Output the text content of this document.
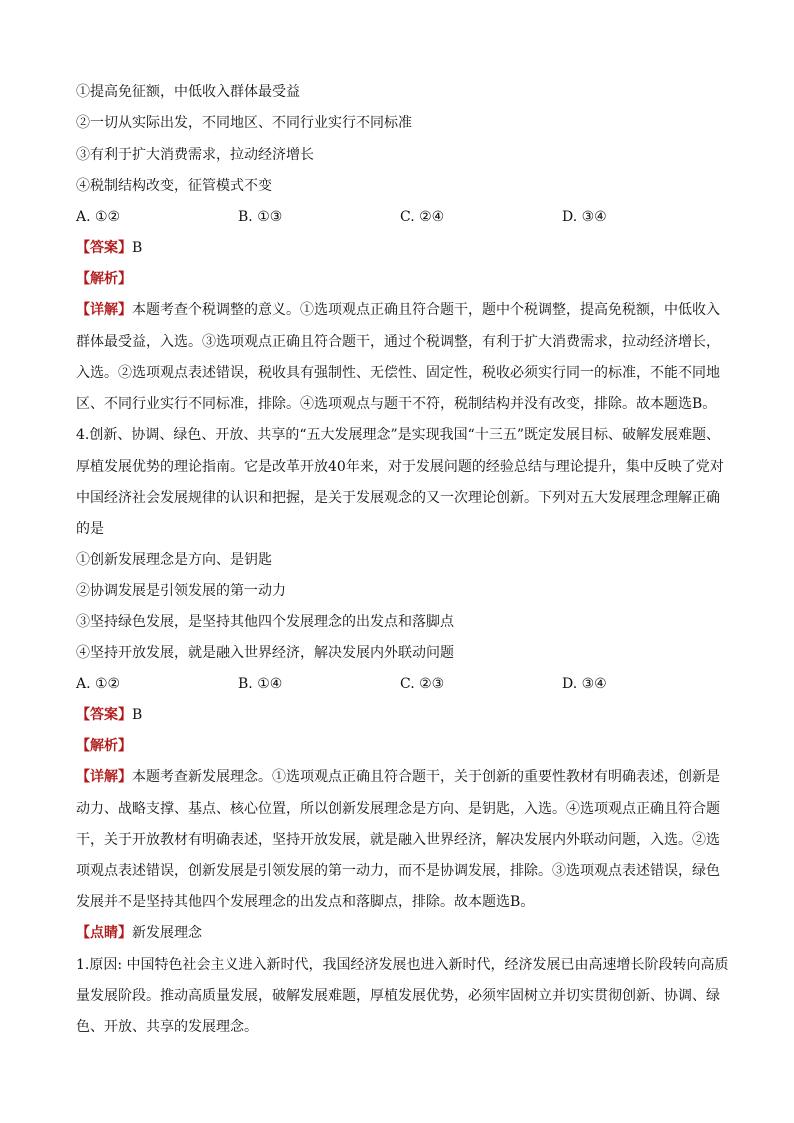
①提高免征额，中低收入群体最受益
②一切从实际出发，不同地区、不同行业实行不同标准
③有利于扩大消费需求，拉动经济增长
④税制结构改变，征管模式不变
A. ①②	B. ①③	C. ②④	D. ③④
【答案】B
【解析】
【详解】本题考查个税调整的意义。①选项观点正确且符合题干，题中个税调整，提高免税额，中低收入
群体最受益，入选。③选项观点正确且符合题干，通过个税调整，有利于扩大消费需求，拉动经济增长，
入选。②选项观点表述错误，税收具有强制性、无偿性、固定性，税收必须实行同一的标准，不能不同地
区、不同行业实行不同标准，排除。④选项观点与题干不符，税制结构并没有改变，排除。故本题选B。
4.创新、协调、绿色、开放、共享的“五大发展理念”是实现我国“十三五”既定发展目标、破解发展难题、
厚植发展优势的理论指南。它是改革开放40年来，对于发展问题的经验总结与理论提升，集中反映了党对
中国经济社会发展规律的认识和把握，是关于发展观念的又一次理论创新。下列对五大发展理念理解正确
的是
①创新发展理念是方向、是钥匙
②协调发展是引领发展的第一动力
③坚持绿色发展，是坚持其他四个发展理念的出发点和落脚点
④坚持开放发展，就是融入世界经济，解决发展内外联动问题
A. ①②	B. ①④	C. ②③	D. ③④
【答案】B
【解析】
【详解】本题考查新发展理念。①选项观点正确且符合题干，关于创新的重要性教材有明确表述，创新是
动力、战略支撑、基点、核心位置，所以创新发展理念是方向、是钥匙，入选。④选项观点正确且符合题
干，关于开放教材有明确表述，坚持开放发展，就是融入世界经济，解决发展内外联动问题，入选。②选
项观点表述错误，创新发展是引领发展的第一动力，而不是协调发展，排除。③选项观点表述错误，绿色
发展并不是坚持其他四个发展理念的出发点和落脚点，排除。故本题选B。
【点睛】新发展理念
1.原因: 中国特色社会主义进入新时代，我国经济发展也进入新时代，经济发展已由高速增长阶段转向高质
量发展阶段。推动高质量发展，破解发展难题，厚植发展优势，必须牢固树立并切实贯彻创新、协调、绿
色、开放、共享的发展理念。
